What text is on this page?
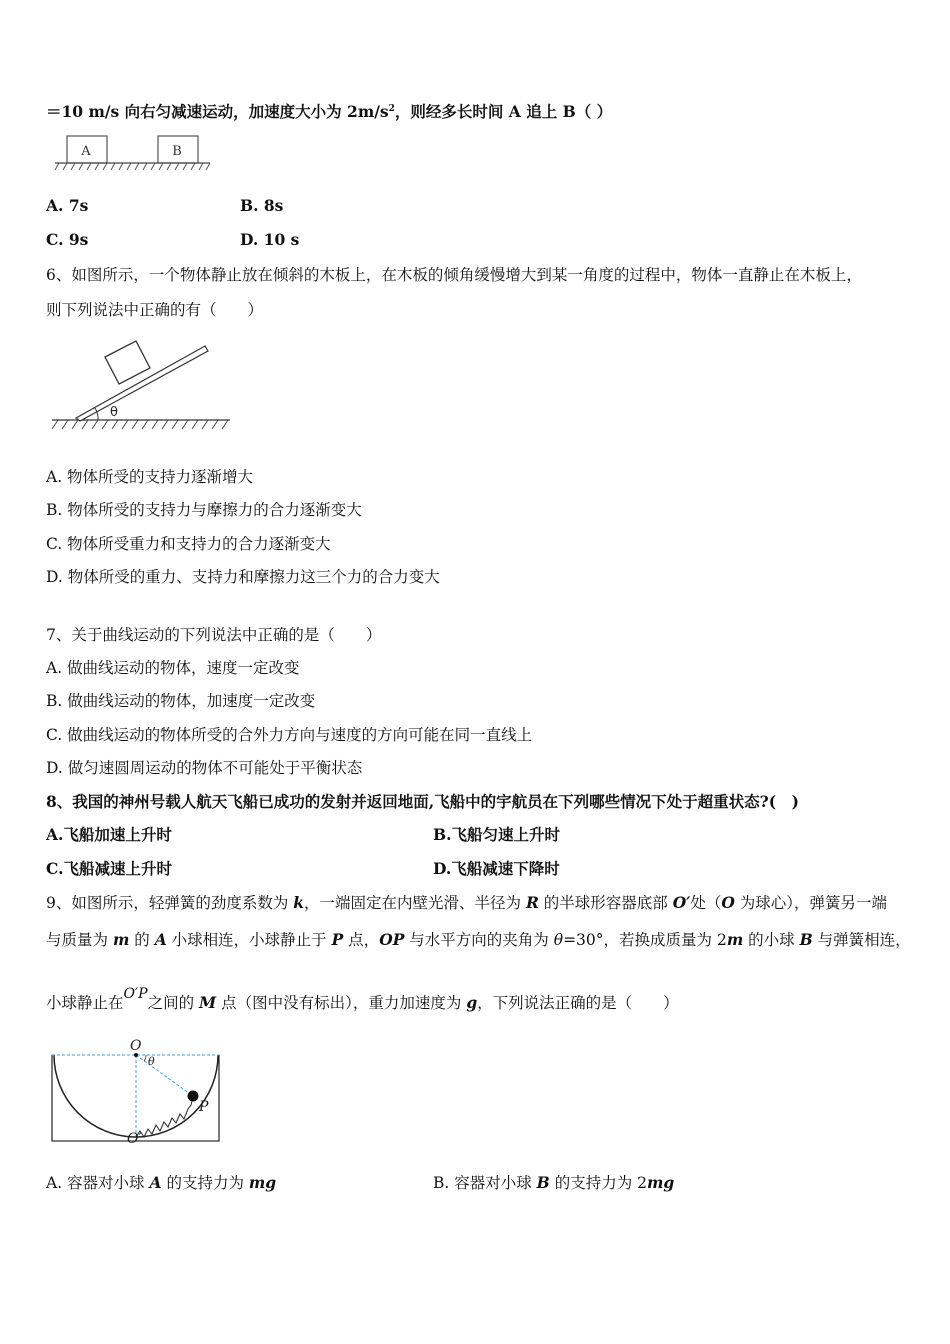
＝10 m/s 向右匀减速运动，加速度大小为 $2m/s^2$，则经多长时间 A 追上 B（ ）
A	B
A. 7s	B. 8s
C. 9s	D. 10 s
6、如图所示，一个物体静止放在倾斜的木板上，在木板的倾角缓慢增大到某一角度的过程中，物体一直静止在木板上，
则下列说法中正确的有（　　）
θ
A. 物体所受的支持力逐渐增大
B. 物体所受的支持力与摩擦力的合力逐渐变大
C. 物体所受重力和支持力的合力逐渐变大
D. 物体所受的重力、支持力和摩擦力这三个力的合力变大
7、关于曲线运动的下列说法中正确的是（　　）
A. 做曲线运动的物体，速度一定改变
B. 做曲线运动的物体，加速度一定改变
C. 做曲线运动的物体所受的合外力方向与速度的方向可能在同一直线上
D. 做匀速圆周运动的物体不可能处于平衡状态
8、我国的神州号载人航天飞船已成功的发射并返回地面,飞船中的宇航员在下列哪些情况下处于超重状态?(　)
A.飞船加速上升时	B.飞船匀速上升时
C.飞船减速上升时	D.飞船减速下降时
9、如图所示，轻弹簧的劲度系数为 k，一端固定在内壁光滑、半径为 R 的半球形容器底部 O′处（O 为球心），弹簧另一端
与质量为 m 的 A 小球相连，小球静止于 P 点，OP 与水平方向的夹角为 θ=30°，若换成质量为 2m 的小球 B 与弹簧相连，
小球静止在O′P之间的 M 点（图中没有标出），重力加速度为 g，下列说法正确的是（　　）
O
θ
P
O′
A. 容器对小球 A 的支持力为 mg	B. 容器对小球 B 的支持力为 2mg
